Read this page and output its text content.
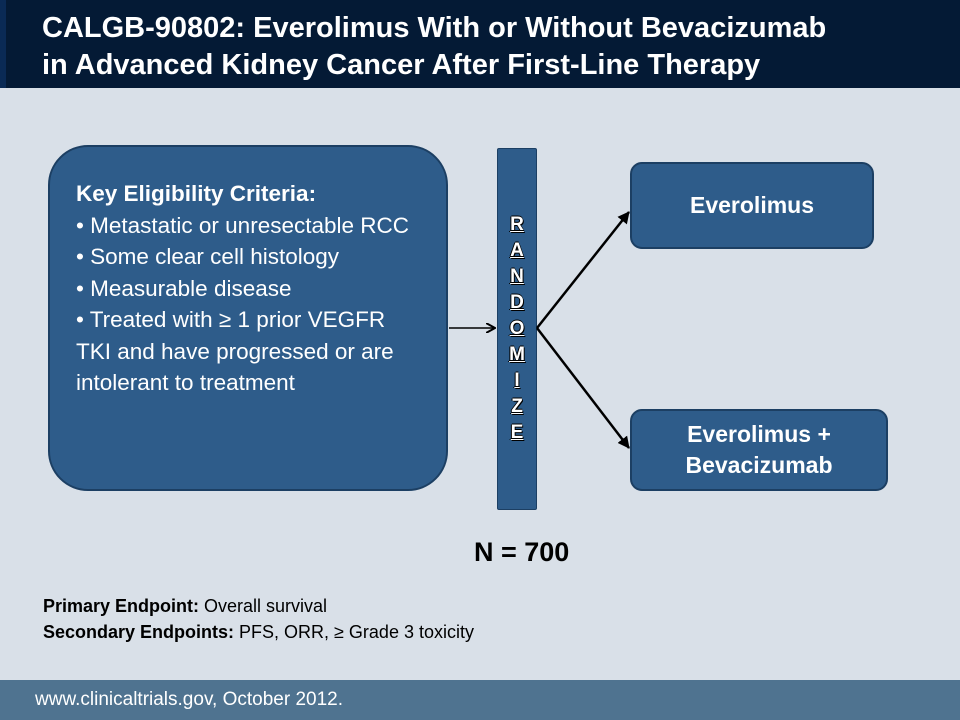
CALGB-90802: Everolimus With or Without Bevacizumab
in Advanced Kidney Cancer After First-Line Therapy
Key Eligibility Criteria:
• Metastatic or unresectable RCC
• Some clear cell histology
• Measurable disease
• Treated with ≥ 1 prior VEGFR TKI and have progressed or are intolerant to treatment
R
A
N
D
O
M
I
Z
E
Everolimus
Everolimus +
Bevacizumab
N = 700
Primary Endpoint: Overall survival
Secondary Endpoints: PFS, ORR, ≥ Grade 3 toxicity
www.clinicaltrials.gov, October 2012.
